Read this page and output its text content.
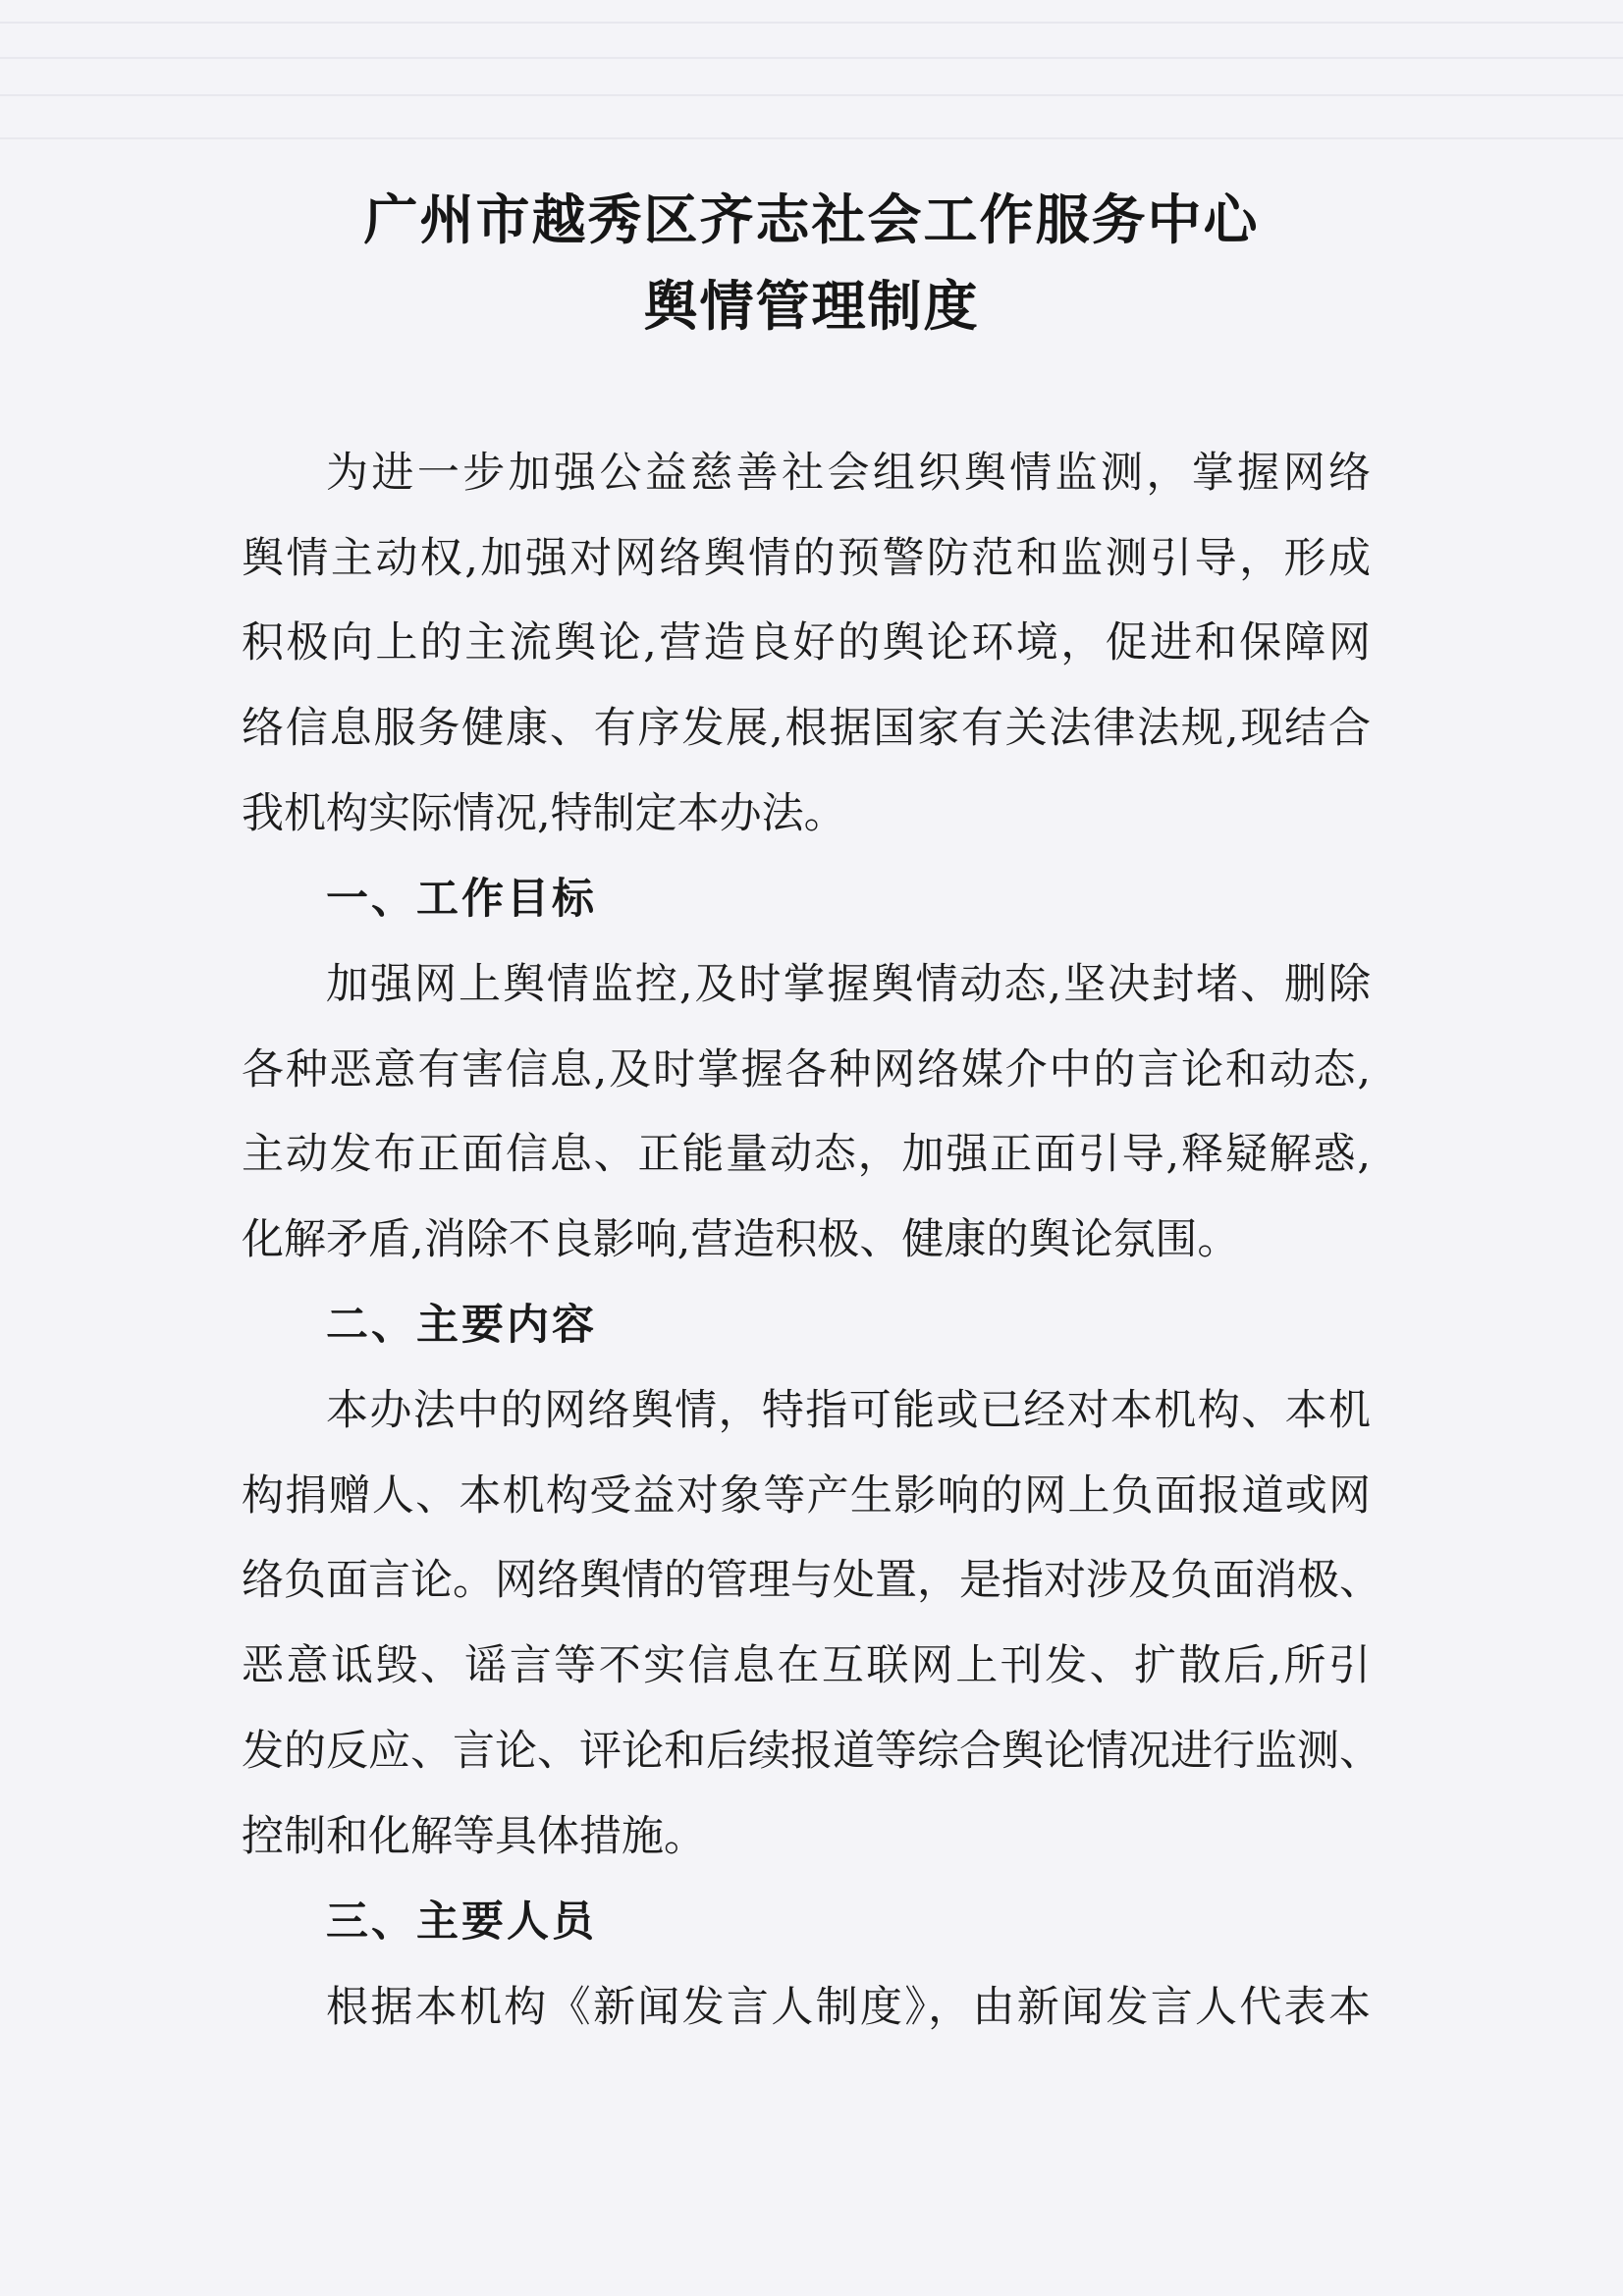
广州市越秀区齐志社会工作服务中心
舆情管理制度

为进一步加强公益慈善社会组织舆情监测，掌握网络

舆情主动权,加强对网络舆情的预警防范和监测引导，形成

积极向上的主流舆论,营造良好的舆论环境，促进和保障网

络信息服务健康、有序发展,根据国家有关法律法规,现结合

我机构实际情况,特制定本办法。

一、工作目标

加强网上舆情监控,及时掌握舆情动态,坚决封堵、删除

各种恶意有害信息,及时掌握各种网络媒介中的言论和动态,

主动发布正面信息、正能量动态，加强正面引导,释疑解惑,

化解矛盾,消除不良影响,营造积极、健康的舆论氛围。

二、主要内容

本办法中的网络舆情，特指可能或已经对本机构、本机

构捐赠人、本机构受益对象等产生影响的网上负面报道或网

络负面言论。网络舆情的管理与处置，是指对涉及负面消极、

恶意诋毁、谣言等不实信息在互联网上刊发、扩散后,所引

发的反应、言论、评论和后续报道等综合舆论情况进行监测、

控制和化解等具体措施。

三、主要人员

根据本机构《新闻发言人制度》，由新闻发言人代表本
